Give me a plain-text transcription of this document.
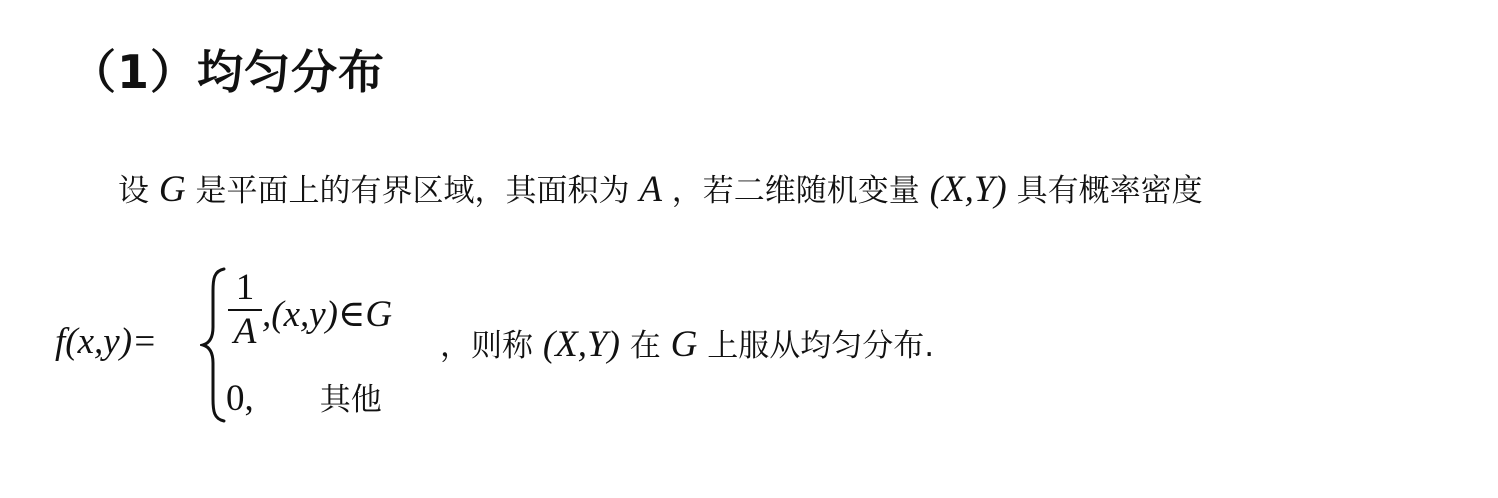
（1）均匀分布
设 G 是平面上的有界区域，其面积为 A ，若二维随机变量 (X,Y) 具有概率密度
f(x,y)=
1
A ,(x,y)∈G
0, 其他
，则称 (X,Y) 在 G 上服从均匀分布.
